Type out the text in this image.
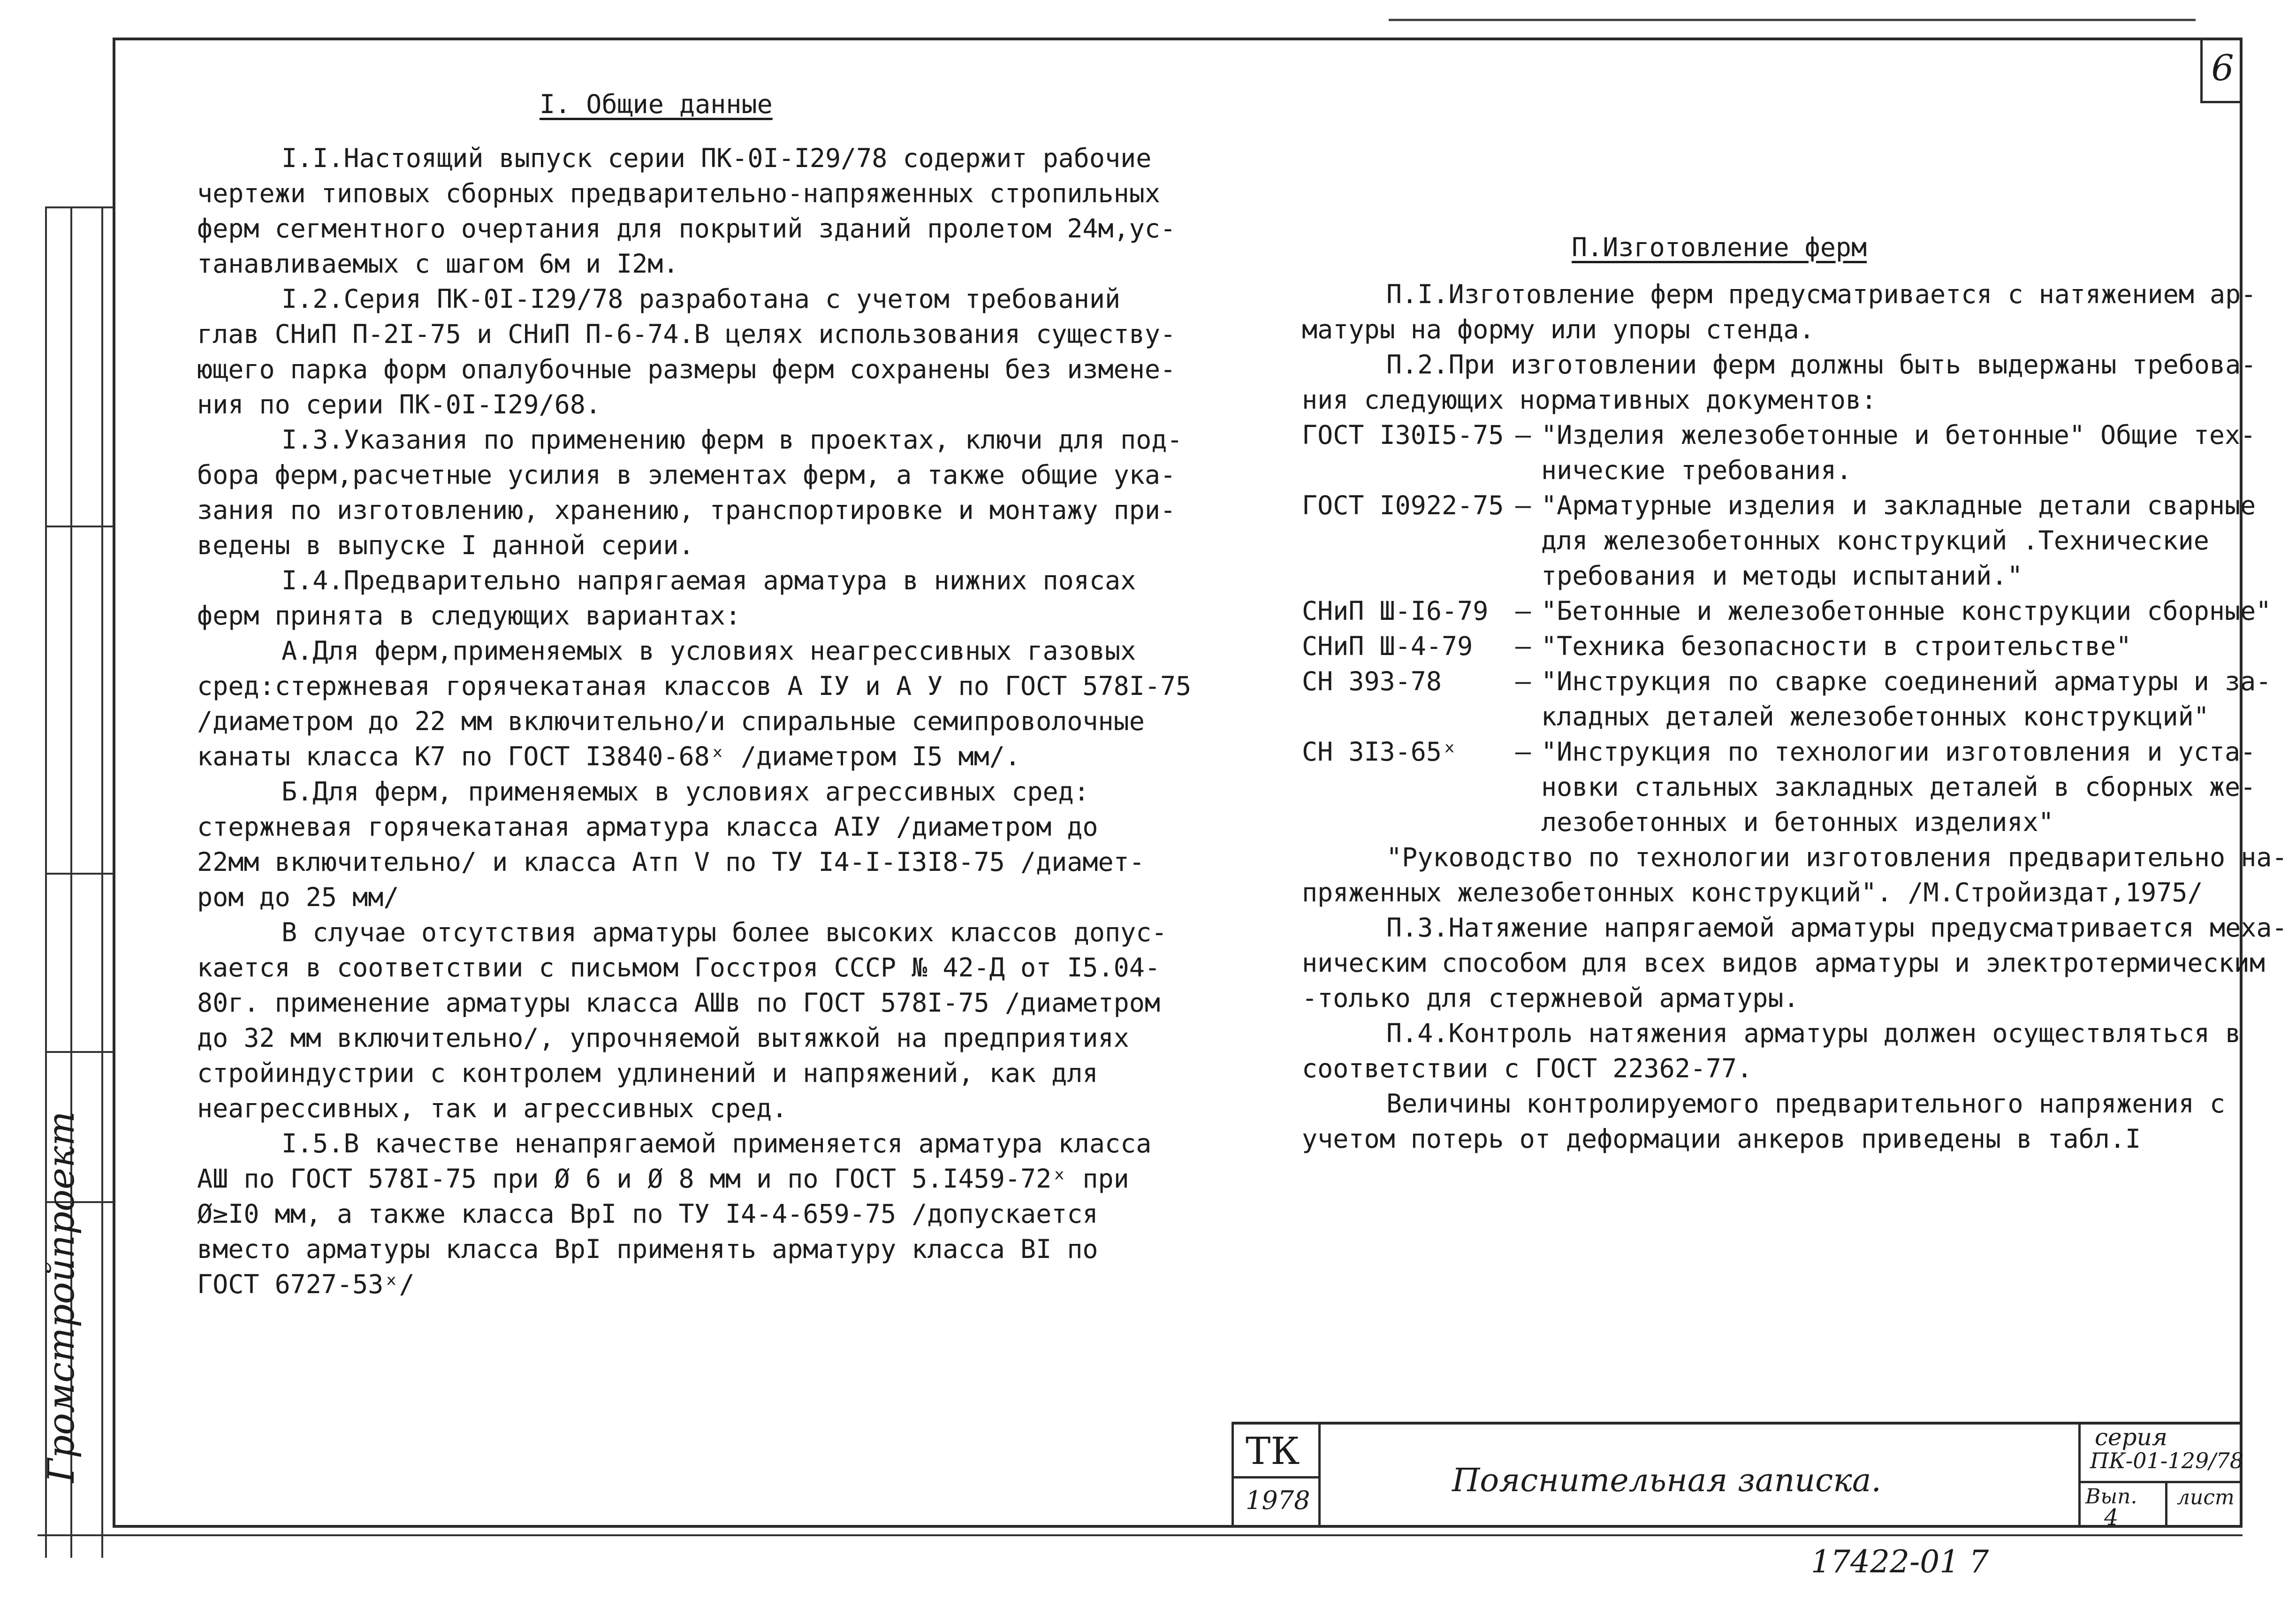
6
Гpoмстройпроект
I. Общие данные

I.I.Настоящий выпуск серии ПК-0I-I29/78 содержит рабочие

чертежи типовых сборных предварительно-напряженных стропильных

ферм сегментного очертания для покрытий зданий пролетом 24м,ус-

танавливаемых с шагом 6м и I2м.

I.2.Серия ПК-0I-I29/78 разработана с учетом требований

глав СНиП П-2I-75 и СНиП П-6-74.В целях использования существу-

ющего парка форм опалубочные размеры ферм сохранены без измене-

ния по серии ПК-0I-I29/68.

I.3.Указания по применению ферм в проектах, ключи для под-

бора ферм,расчетные усилия в элементах ферм, а также общие ука-

зания по изготовлению, хранению, транспортировке и монтажу при-

ведены в выпуске I данной серии.

I.4.Предварительно напрягаемая арматура в нижних поясах

ферм принята в следующих вариантах:

А.Для ферм,применяемых в условиях неагрессивных газовых

сред:стержневая горячекатаная классов А IУ и А У по ГОСТ 578I-75

/диаметром до 22 мм включительно/и спиральные семипроволочные

канаты класса К7 по ГОСТ I3840-68ˣ /диаметром I5 мм/.

Б.Для ферм, применяемых в условиях агрессивных сред:

стержневая горячекатаная арматура класса АIУ /диаметром до

22мм включительно/ и класса Атп V по ТУ I4-I-I3I8-75 /диамет-

ром до 25 мм/

В случае отсутствия арматуры более высоких классов допус-

кается в соответствии с письмом Госстроя СССР № 42-Д от I5.04-

80г. применение арматуры класса АШв по ГОСТ 578I-75 /диаметром

до 32 мм включительно/, упрочняемой вытяжкой на предприятиях

стройиндустрии с контролем удлинений и напряжений, как для

неагрессивных, так и агрессивных сред.

I.5.В качестве ненапрягаемой применяется арматура класса

АШ по ГОСТ 578I-75 при Ø 6 и Ø 8 мм и по ГОСТ 5.I459-72ˣ при

Ø≥I0 мм, а также класса ВрI по ТУ I4-4-659-75 /допускается

вместо арматуры класса ВрI применять арматуру класса ВI по

ГОСТ 6727-53ˣ/

П.Изготовление ферм

П.I.Изготовление ферм предусматривается с натяжением ар-

матуры на форму или упоры стенда.

П.2.При изготовлении ферм должны быть выдержаны требова-

ния следующих нормативных документов:

ГОСТ I30I5-75 – "Изделия железобетонные и бетонные" Общие тех-
нические требования.
ГОСТ I0922-75 – "Арматурные изделия и закладные детали сварные
для железобетонных конструкций .Технические
требования и методы испытаний."
СНиП Ш-I6-79 – "Бетонные и железобетонные конструкции сборные"
СНиП Ш-4-79 – "Техника безопасности в строительстве"
СН 393-78	– "Инструкция по сварке соединений арматуры и за-
кладных деталей железобетонных конструкций"
СН 3I3-65ˣ – "Инструкция по технологии изготовления и уста-
новки стальных закладных деталей в сборных же-
лезобетонных и бетонных изделиях"

"Руководство по технологии изготовления предварительно на-

пряженных железобетонных конструкций". /М.Стройиздат,1975/

П.3.Натяжение напрягаемой арматуры предусматривается меха-

ническим способом для всех видов арматуры и электротермическим

-только для стержневой арматуры.

П.4.Контроль натяжения арматуры должен осуществляться в

соответствии с ГОСТ 22362-77.

Величины контролируемого предварительного напряжения с

учетом потерь от деформации анкеров приведены в табл.I

ТК
1978
Пояснительная записка.
серия
ПК-01-129/78
Вып.
4
лист
17422-01 7
